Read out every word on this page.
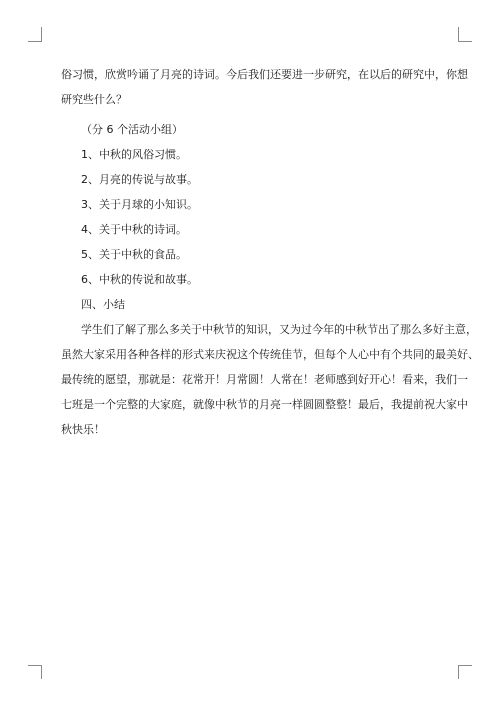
俗习惯，欣赏吟诵了月亮的诗词。今后我们还要进一步研究，在以后的研究中，你想
研究些什么？
（分 6 个活动小组）
1、中秋的风俗习惯。
2、月亮的传说与故事。
3、关于月球的小知识。
4、关于中秋的诗词。
5、关于中秋的食品。
6、中秋的传说和故事。
四、小结
学生们了解了那么多关于中秋节的知识，又为过今年的中秋节出了那么多好主意，
虽然大家采用各种各样的形式来庆祝这个传统佳节，但每个人心中有个共同的最美好、
最传统的愿望，那就是：花常开！月常圆！人常在！老师感到好开心！看来，我们一
七班是一个完整的大家庭，就像中秋节的月亮一样圆圆整整！最后，我提前祝大家中
秋快乐！
